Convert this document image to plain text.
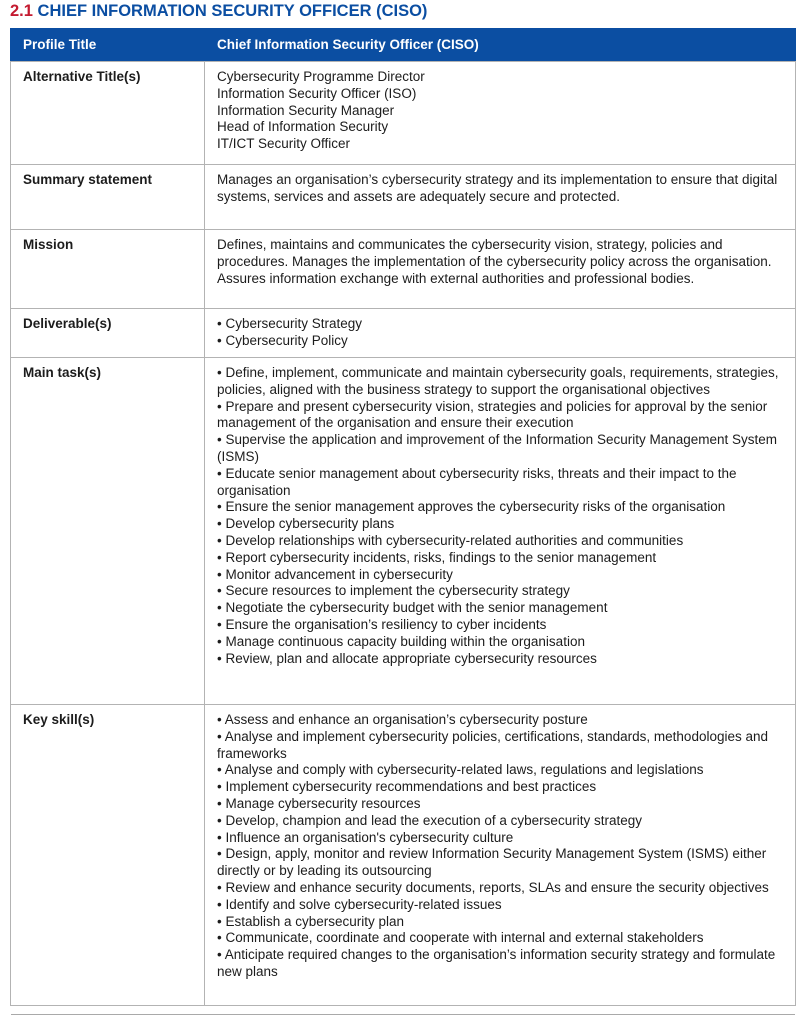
2.1 CHIEF INFORMATION SECURITY OFFICER (CISO)
Profile Title	Chief Information Security Officer (CISO)
Alternative Title(s)	Cybersecurity Programme Director
Information Security Officer (ISO)
Information Security Manager
Head of Information Security
IT/ICT Security Officer

Summary statement	Manages an organisation’s cybersecurity strategy and its implementation to ensure that digital systems, services and assets are adequately secure and protected.
Mission	Defines, maintains and communicates the cybersecurity vision, strategy, policies and procedures. Manages the implementation of the cybersecurity policy across the organisation. Assures information exchange with external authorities and professional bodies.
Deliverable(s)	• Cybersecurity Strategy
• Cybersecurity Policy

Main task(s)	• Define, implement, communicate and maintain cybersecurity goals, requirements, strategies, policies, aligned with the business strategy to support the organisational objectives
• Prepare and present cybersecurity vision, strategies and policies for approval by the senior management of the organisation and ensure their execution
• Supervise the application and improvement of the Information Security Management System (ISMS)
• Educate senior management about cybersecurity risks, threats and their impact to the organisation
• Ensure the senior management approves the cybersecurity risks of the organisation
• Develop cybersecurity plans
• Develop relationships with cybersecurity-related authorities and communities
• Report cybersecurity incidents, risks, findings to the senior management
• Monitor advancement in cybersecurity
• Secure resources to implement the cybersecurity strategy
• Negotiate the cybersecurity budget with the senior management
• Ensure the organisation’s resiliency to cyber incidents
• Manage continuous capacity building within the organisation
• Review, plan and allocate appropriate cybersecurity resources

Key skill(s)	• Assess and enhance an organisation’s cybersecurity posture
• Analyse and implement cybersecurity policies, certifications, standards, methodologies and frameworks
• Analyse and comply with cybersecurity-related laws, regulations and legislations
• Implement cybersecurity recommendations and best practices
• Manage cybersecurity resources
• Develop, champion and lead the execution of a cybersecurity strategy
• Influence an organisation's cybersecurity culture
• Design, apply, monitor and review Information Security Management System (ISMS) either directly or by leading its outsourcing
• Review and enhance security documents, reports, SLAs and ensure the security objectives
• Identify and solve cybersecurity-related issues
• Establish a cybersecurity plan
• Communicate, coordinate and cooperate with internal and external stakeholders
• Anticipate required changes to the organisation’s information security strategy and formulate new plans
